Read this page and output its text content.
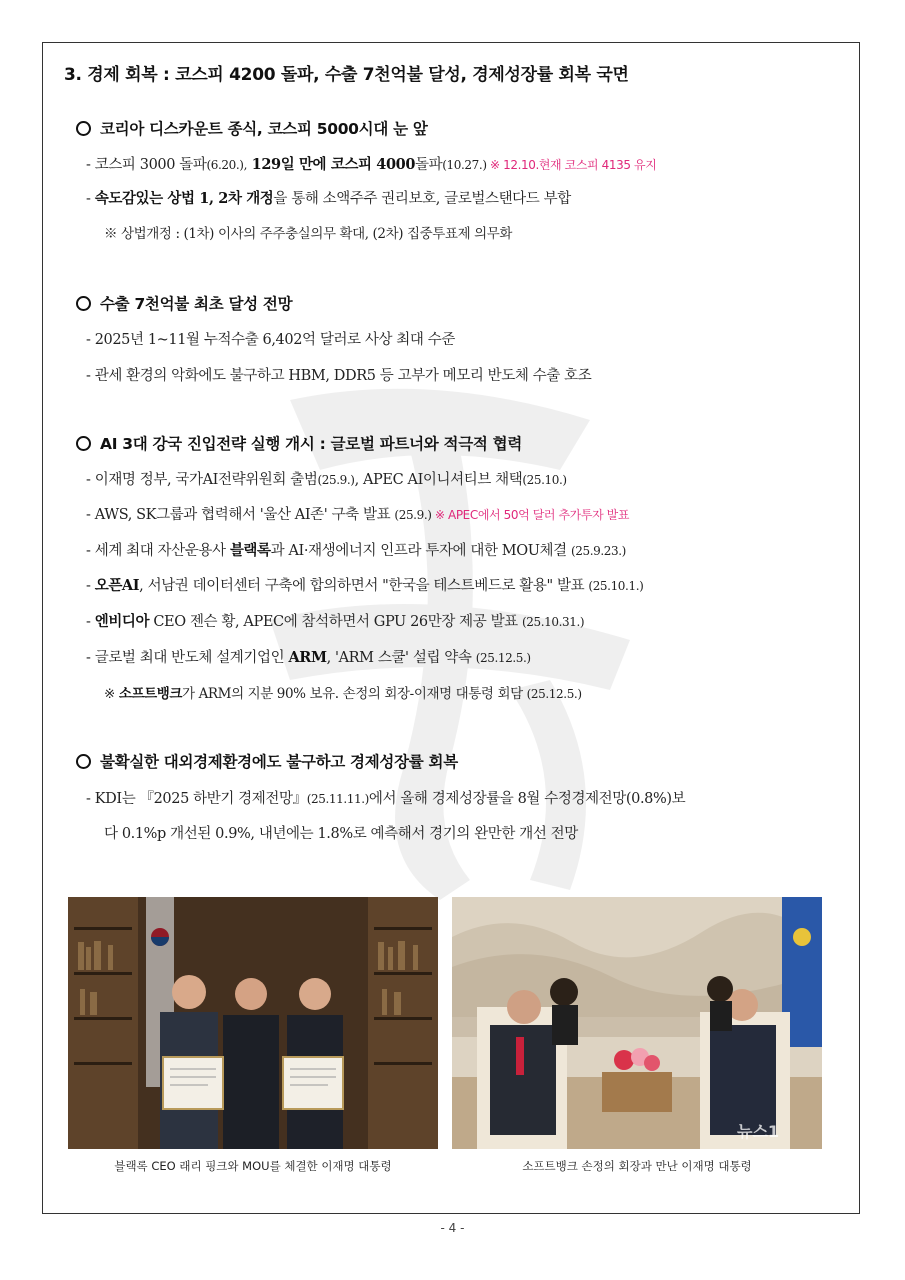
3. 경제 회복 : 코스피 4200 돌파, 수출 7천억불 달성, 경제성장률 회복 국면
코리아 디스카운트 종식, 코스피 5000시대 눈 앞
- 코스피 3000 돌파(6.20.), 129일 만에 코스피 4000돌파(10.27.) ※ 12.10.현재 코스피 4135 유지
- 속도감있는 상법 1, 2차 개정을 통해 소액주주 권리보호, 글로벌스탠다드 부합
※ 상법개정 : (1차) 이사의 주주충실의무 확대, (2차) 집중투표제 의무화
수출 7천억불 최초 달성 전망
- 2025년 1~11월 누적수출 6,402억 달러로 사상 최대 수준
- 관세 환경의 악화에도 불구하고 HBM, DDR5 등 고부가 메모리 반도체 수출 호조
AI 3대 강국 진입전략 실행 개시 : 글로벌 파트너와 적극적 협력
- 이재명 정부, 국가AI전략위원회 출범(25.9.), APEC AI이니셔티브 채택(25.10.)
- AWS, SK그룹과 협력해서 '울산 AI존' 구축 발표 (25.9.) ※ APEC에서 50억 달러 추가투자 발표
- 세계 최대 자산운용사 블랙록과 AI·재생에너지 인프라 투자에 대한 MOU체결 (25.9.23.)
- 오픈AI, 서남권 데이터센터 구축에 합의하면서 "한국을 테스트베드로 활용" 발표 (25.10.1.)
- 엔비디아 CEO 젠슨 황, APEC에 참석하면서 GPU 26만장 제공 발표 (25.10.31.)
- 글로벌 최대 반도체 설계기업인 ARM, 'ARM 스쿨' 설립 약속 (25.12.5.)
※ 소프트뱅크가 ARM의 지분 90% 보유. 손정의 회장-이재명 대통령 회담 (25.12.5.)
불확실한 대외경제환경에도 불구하고 경제성장률 회복
- KDI는 『2025 하반기 경제전망』(25.11.11.)에서 올해 경제성장률을 8월 수정경제전망(0.8%)보
다 0.1%p 개선된 0.9%, 내년에는 1.8%로 예측해서 경기의 완만한 개선 전망
블랙록 CEO 래리 핑크와 MOU를 체결한 이재명 대통령
뉴스1
소프트뱅크 손정의 회장과 만난 이재명 대통령
- 4 -
